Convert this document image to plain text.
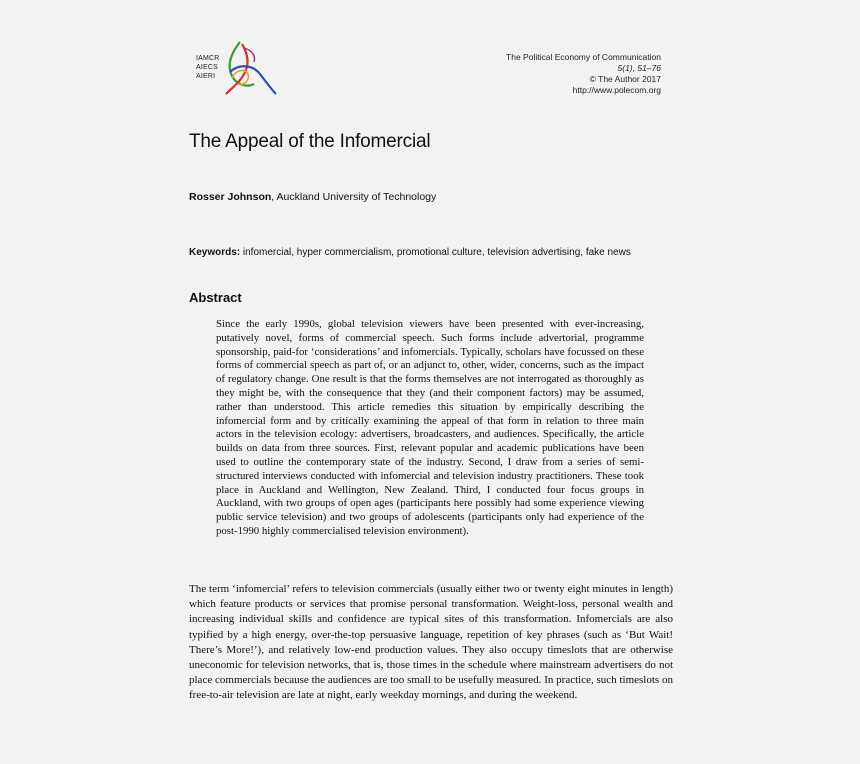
IAMCR
AIECS
AIERI
The Political Economy of Communication
5(1), 51–76
© The Author 2017
http://www.polecom.org
The Appeal of the Infomercial
Rosser Johnson, Auckland University of Technology
Keywords: infomercial, hyper commercialism, promotional culture, television advertising, fake news
Abstract

Since the early 1990s, global television viewers have been presented with ever-increasing, putatively novel, forms of commercial speech. Such forms include advertorial, programme sponsorship, paid-for ‘considerations’ and infomercials. Typically, scholars have focussed on these forms of commercial speech as part of, or an adjunct to, other, wider, concerns, such as the impact of regulatory change. One result is that the forms themselves are not interrogated as thoroughly as they might be, with the consequence that they (and their component factors) may be assumed, rather than understood. This article remedies this situation by empirically describing the infomercial form and by critically examining the appeal of that form in relation to three main actors in the television ecology: advertisers, broadcasters, and audiences. Specifically, the article builds on data from three sources. First, relevant popular and academic publications have been used to outline the contemporary state of the industry. Second, I draw from a series of semi-structured interviews conducted with infomercial and television industry practitioners. These took place in Auckland and Wellington, New Zealand. Third, I conducted four focus groups in Auckland, with two groups of open ages (participants here possibly had some experience viewing public service television) and two groups of adolescents (participants only had experience of the post-1990 highly commercialised television environment).

The term ‘infomercial’ refers to television commercials (usually either two or twenty eight minutes in length) which feature products or services that promise personal transformation. Weight-loss, personal wealth and increasing individual skills and confidence are typical sites of this transformation. Infomercials are also typified by a high energy, over-the-top persuasive language, repetition of key phrases (such as ‘But Wait! There’s More!’), and relatively low-end production values. They also occupy timeslots that are otherwise uneconomic for television networks, that is, those times in the schedule where mainstream advertisers do not place commercials because the audiences are too small to be usefully measured. In practice, such timeslots on free-to-air television are late at night, early weekday mornings, and during the weekend.
